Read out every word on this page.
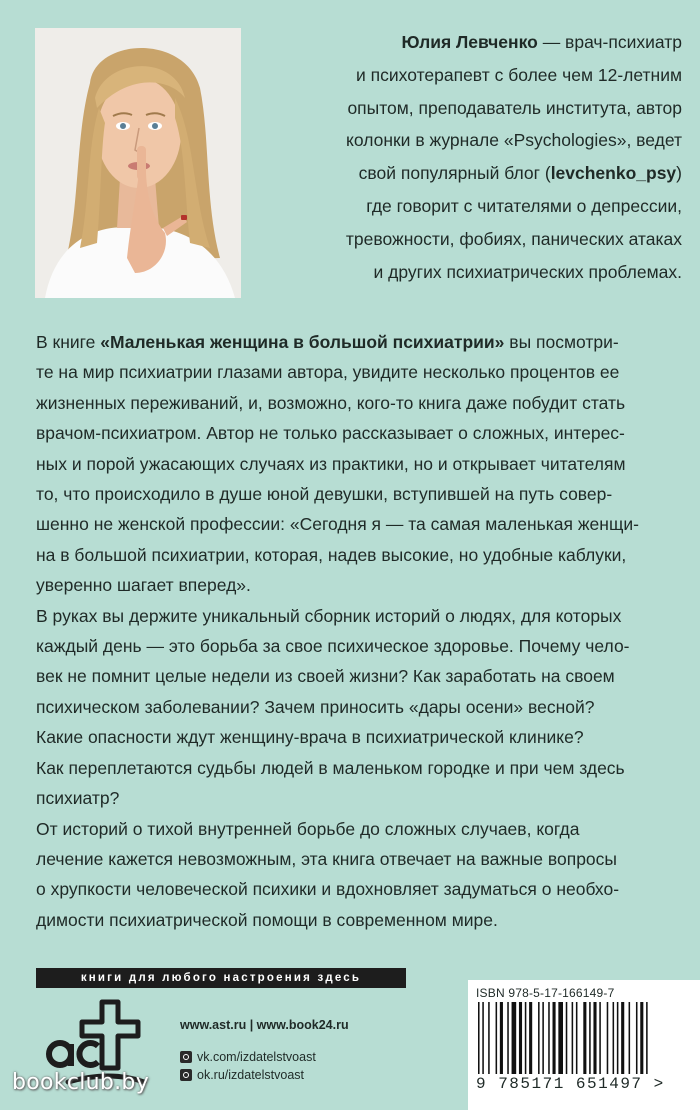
Юлия Левченко — врач-психиатр
и психотерапевт с более чем 12-летним
опытом, преподаватель института, автор
колонки в журнале «Psychologies», ведет
свой популярный блог (levchenko_psy)
где говорит с читателями о депрессии,
тревожности, фобиях, панических атаках
и других психиатрических проблемах.
В книге «Маленькая женщина в большой психиатрии» вы посмотри-
те на мир психиатрии глазами автора, увидите несколько процентов ее
жизненных переживаний, и, возможно, кого-то книга даже побудит стать
врачом-психиатром. Автор не только рассказывает о сложных, интерес-
ных и порой ужасающих случаях из практики, но и открывает читателям
то, что происходило в душе юной девушки, вступившей на путь совер-
шенно не женской профессии: «Сегодня я — та самая маленькая женщи-
на в большой психиатрии, которая, надев высокие, но удобные каблуки,
уверенно шагает вперед».
В руках вы держите уникальный сборник историй о людях, для которых
каждый день — это борьба за свое психическое здоровье. Почему чело-
век не помнит целые недели из своей жизни? Как заработать на своем
психическом заболевании? Зачем приносить «дары осени» весной?
Какие опасности ждут женщину-врача в психиатрической клинике?
Как переплетаются судьбы людей в маленьком городке и при чем здесь
психиатр?
От историй о тихой внутренней борьбе до сложных случаев, когда
лечение кажется невозможным, эта книга отвечает на важные вопросы
о хрупкости человеческой психики и вдохновляет задуматься о необхо-
димости психиатрической помощи в современном мире.
книги для любого настроения здесь
www.ast.ru | www.book24.ru
vk.com/izdatelstvoast
ok.ru/izdatelstvoast
ISBN 978-5-17-166149-7
9 785171 651497 >
bookclub.by
